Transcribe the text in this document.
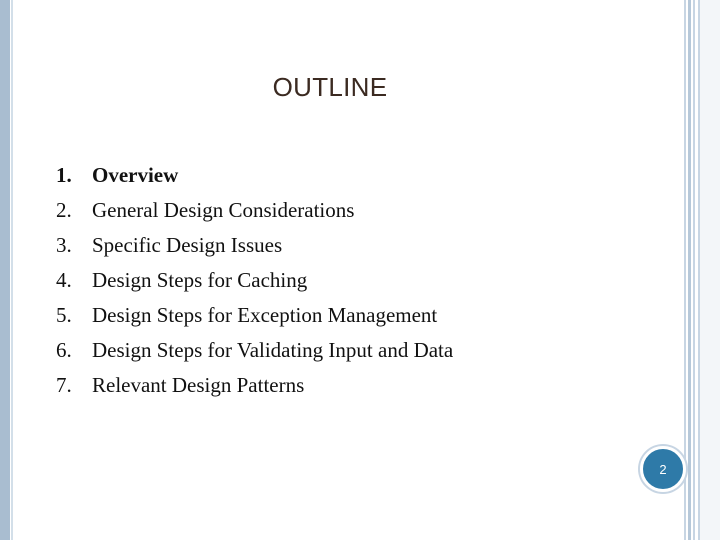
OUTLINE
1. Overview
2. General Design Considerations
3. Specific Design Issues
4. Design Steps for Caching
5. Design Steps for Exception Management
6. Design Steps for Validating Input and Data
7. Relevant Design Patterns
2
